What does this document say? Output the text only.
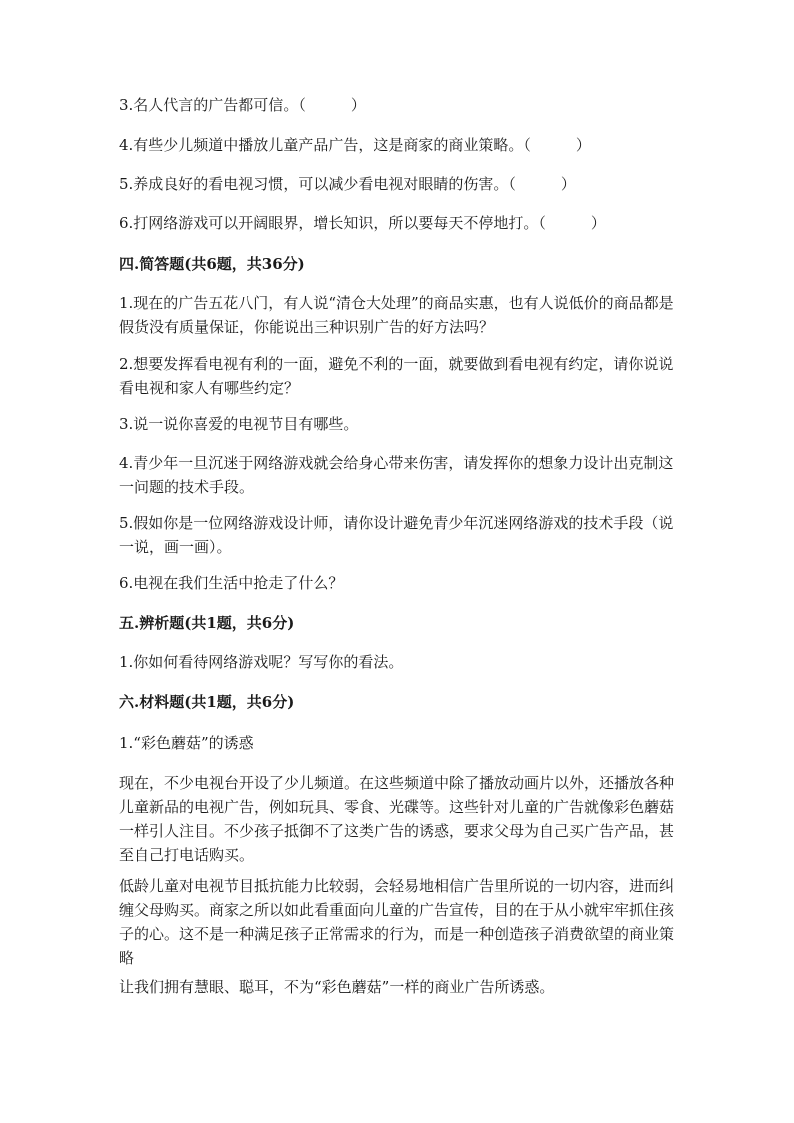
3.名人代言的广告都可信。（　　　）

4.有些少儿频道中播放儿童产品广告，这是商家的商业策略。（　　　）

5.养成良好的看电视习惯，可以减少看电视对眼睛的伤害。（　　　）

6.打网络游戏可以开阔眼界，增长知识，所以要每天不停地打。（　　　）

四.简答题(共6题，共36分)

1.现在的广告五花八门，有人说“清仓大处理”的商品实惠，也有人说低价的商品都是假货没有质量保证，你能说出三种识别广告的好方法吗？

2.想要发挥看电视有利的一面，避免不利的一面，就要做到看电视有约定，请你说说看电视和家人有哪些约定？

3.说一说你喜爱的电视节目有哪些。

4.青少年一旦沉迷于网络游戏就会给身心带来伤害，请发挥你的想象力设计出克制这一问题的技术手段。

5.假如你是一位网络游戏设计师，请你设计避免青少年沉迷网络游戏的技术手段（说一说，画一画）。

6.电视在我们生活中抢走了什么？

五.辨析题(共1题，共6分)

1.你如何看待网络游戏呢？写写你的看法。

六.材料题(共1题，共6分)

1.“彩色蘑菇”的诱惑

现在，不少电视台开设了少儿频道。在这些频道中除了播放动画片以外，还播放各种儿童新品的电视广告，例如玩具、零食、光碟等。这些针对儿童的广告就像彩色蘑菇一样引人注目。不少孩子抵御不了这类广告的诱惑，要求父母为自己买广告产品，甚至自己打电话购买。

低龄儿童对电视节目抵抗能力比较弱，会轻易地相信广告里所说的一切内容，进而纠缠父母购买。商家之所以如此看重面向儿童的广告宣传，目的在于从小就牢牢抓住孩子的心。这不是一种满足孩子正常需求的行为，而是一种创造孩子消费欲望的商业策略

让我们拥有慧眼、聪耳，不为“彩色蘑菇”一样的商业广告所诱惑。
